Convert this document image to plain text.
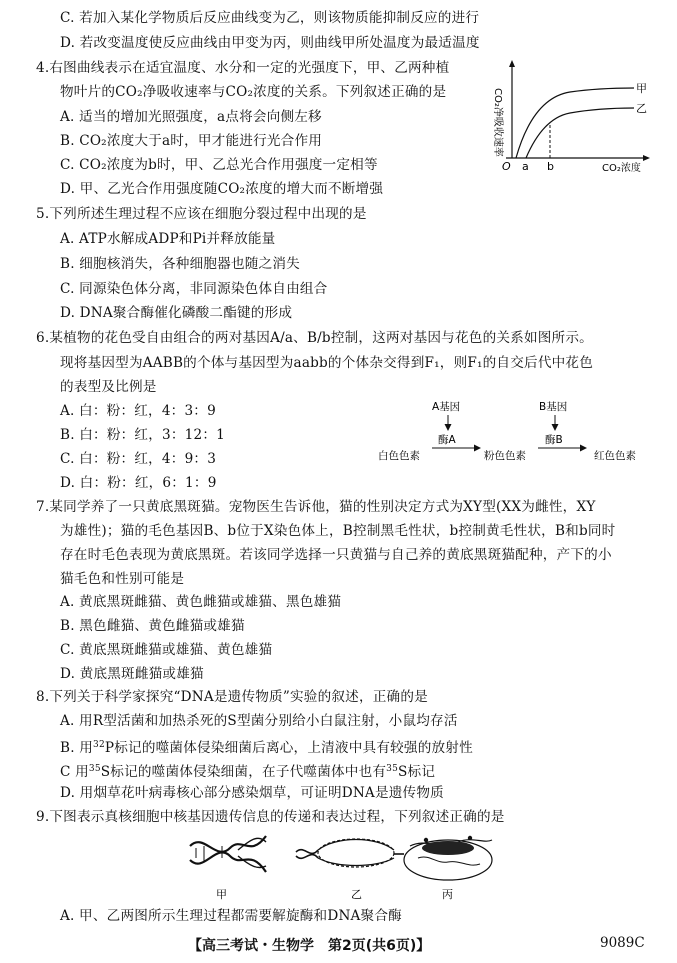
C. 若加入某化学物质后反应曲线变为乙，则该物质能抑制反应的进行
D. 若改变温度使反应曲线由甲变为丙，则曲线甲所处温度为最适温度
4.右图曲线表示在适宜温度、水分和一定的光强度下，甲、乙两种植
物叶片的CO₂净吸收速率与CO₂浓度的关系。下列叙述正确的是
A. 适当的增加光照强度，a点将会向侧左移
B. CO₂浓度大于a时，甲才能进行光合作用
C. CO₂浓度为b时，甲、乙总光合作用强度一定相等
D. 甲、乙光合作用强度随CO₂浓度的增大而不断增强
CO₂净吸收速率	甲
乙
O a b	CO₂浓度
5.下列所述生理过程不应该在细胞分裂过程中出现的是
A. ATP水解成ADP和Pi并释放能量
B. 细胞核消失，各种细胞器也随之消失
C. 同源染色体分离，非同源染色体自由组合
D. DNA聚合酶催化磷酸二酯键的形成
6.某植物的花色受自由组合的两对基因A/a、B/b控制，这两对基因与花色的关系如图所示。
现将基因型为AABB的个体与基因型为aabb的个体杂交得到F₁，则F₁的自交后代中花色
的表型及比例是
A. 白：粉：红，4：3：9
B. 白：粉：红，3：12：1
C. 白：粉：红，4：9：3
D. 白：粉：红，6：1：9
A基因	B基因
酶A	酶B
白色色素	粉色色素	红色色素
7.某同学养了一只黄底黑斑猫。宠物医生告诉他，猫的性别决定方式为XY型(XX为雌性，XY
为雄性)；猫的毛色基因B、b位于X染色体上，B控制黑毛性状，b控制黄毛性状，B和b同时
存在时毛色表现为黄底黑斑。若该同学选择一只黄猫与自己养的黄底黑斑猫配种，产下的小
猫毛色和性别可能是
A. 黄底黑斑雌猫、黄色雌猫或雄猫、黑色雄猫
B. 黑色雌猫、黄色雌猫或雄猫
C. 黄底黑斑雌猫或雄猫、黄色雄猫
D. 黄底黑斑雌猫或雄猫
8.下列关于科学家探究“DNA是遗传物质”实验的叙述，正确的是
A. 用R型活菌和加热杀死的S型菌分别给小白鼠注射，小鼠均存活
B. 用$^{32}$P标记的噬菌体侵染细菌后离心，上清液中具有较强的放射性
C 用$^{35}$S标记的噬菌体侵染细菌，在子代噬菌体中也有$^{35}$S标记
D. 用烟草花叶病毒核心部分感染烟草，可证明DNA是遗传物质
9.下图表示真核细胞中核基因遗传信息的传递和表达过程，下列叙述正确的是
甲	乙	丙
A. 甲、乙两图所示生理过程都需要解旋酶和DNA聚合酶
【高三考试・生物学　第2页(共6页)】	9089C
